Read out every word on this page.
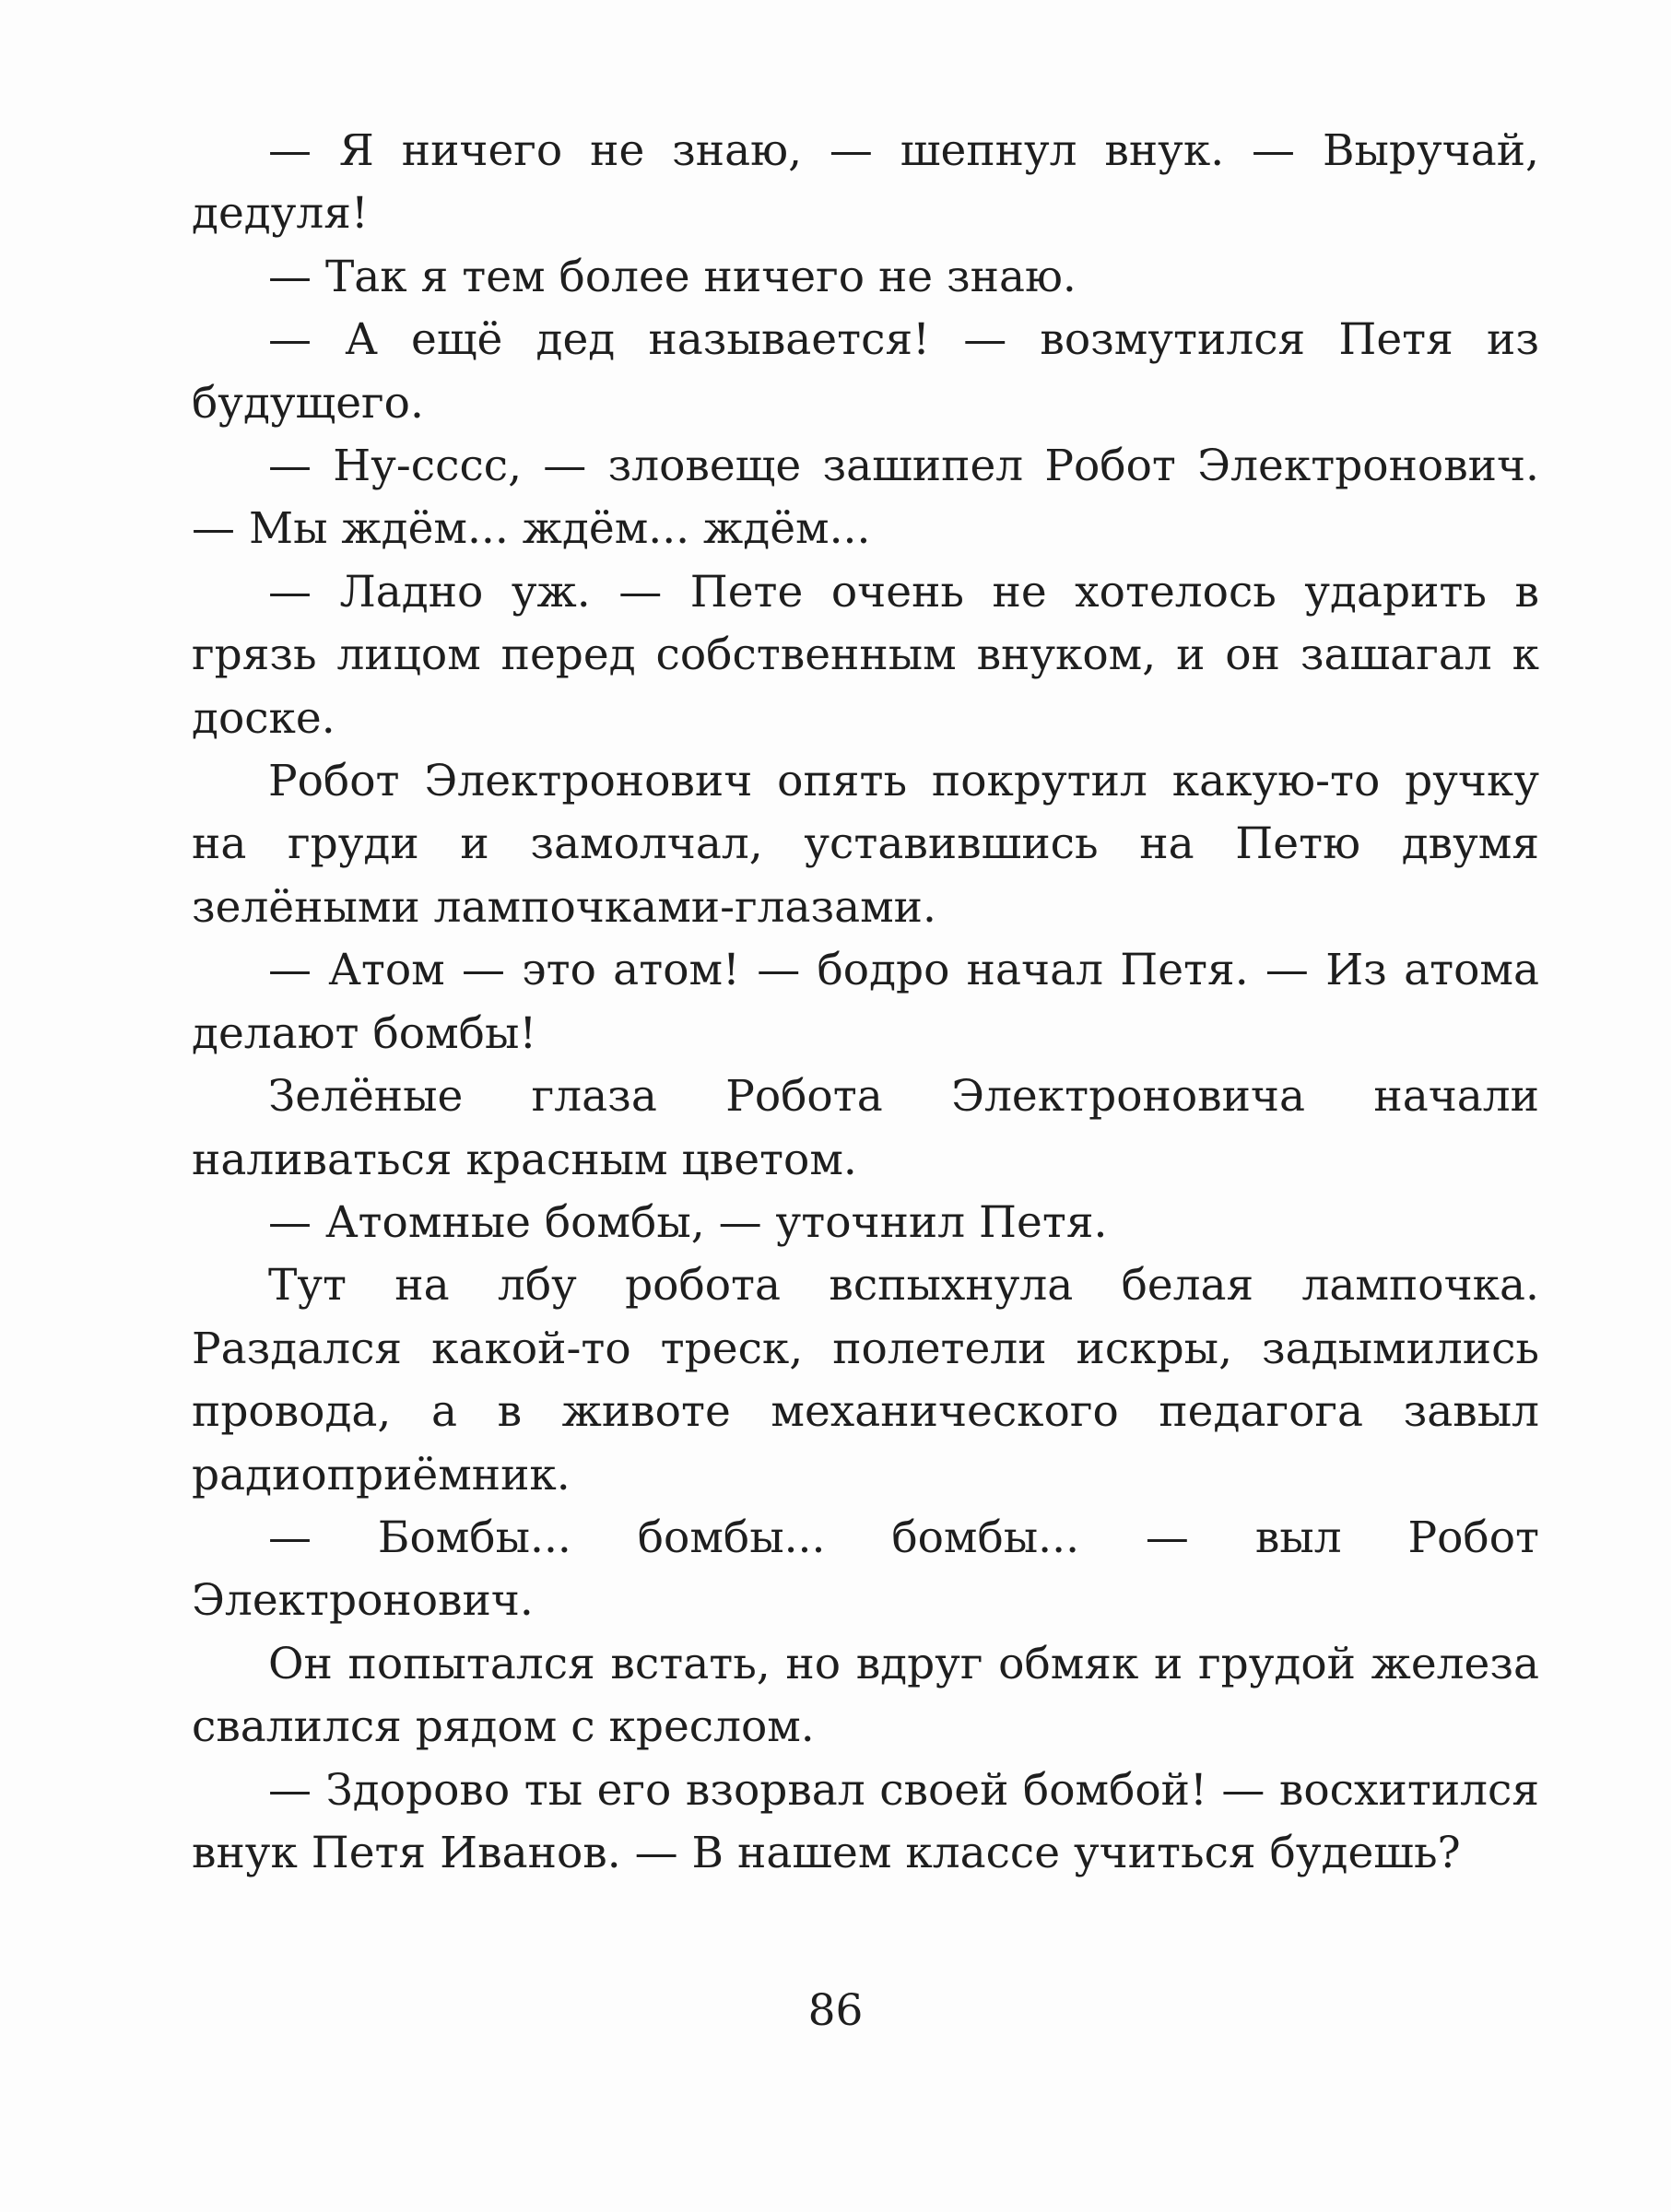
— Я ничего не знаю, — шепнул внук. — Выручай, дедуля!

— Так я тем более ничего не знаю.

— А ещё дед называется! — возмутился Петя из будущего.

— Ну-сссс, — зловеще зашипел Робот Электронович. — Мы ждём... ждём... ждём...

— Ладно уж. — Пете очень не хотелось ударить в грязь лицом перед собственным внуком, и он зашагал к доске.

Робот Электронович опять покрутил какую-то ручку на груди и замолчал, уставившись на Петю двумя зелёными лампочками-глазами.

— Атом — это атом! — бодро начал Петя. — Из атома делают бомбы!

Зелёные глаза Робота Электроновича начали наливаться красным цветом.

— Атомные бомбы, — уточнил Петя.

Тут на лбу робота вспыхнула белая лампочка. Раздался какой-то треск, полетели искры, задымились провода, а в животе механического педагога завыл радиоприёмник.

— Бомбы... бомбы... бомбы... — выл Робот Электронович.

Он попытался встать, но вдруг обмяк и грудой железа свалился рядом с креслом.

— Здорово ты его взорвал своей бомбой! — восхитился внук Петя Иванов. — В нашем классе учиться будешь?

86
